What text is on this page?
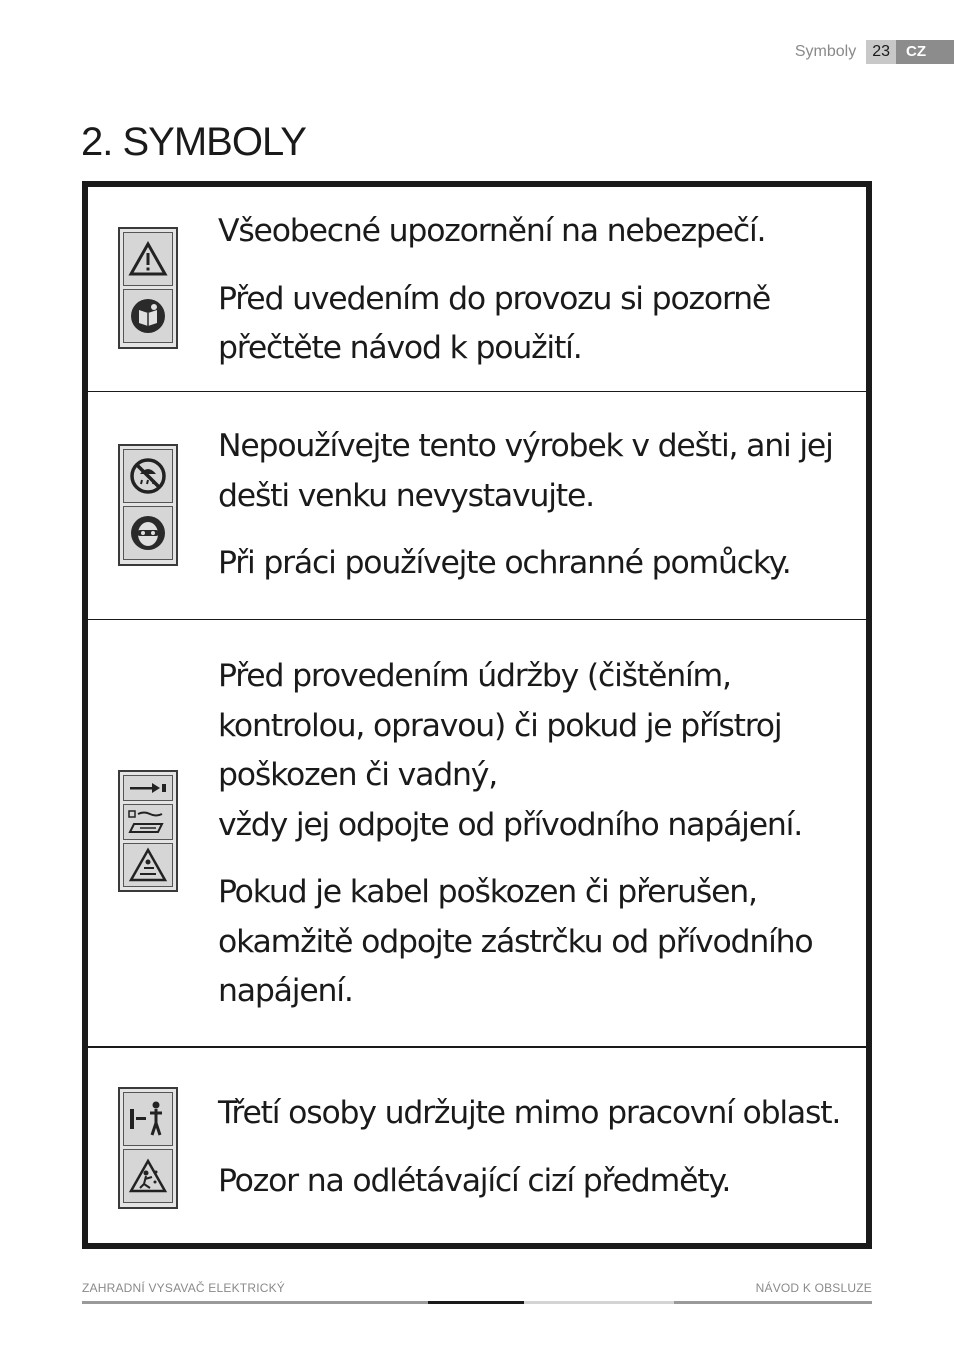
Symboly	23	CZ
2. SYMBOLY

Všeobecné upozornění na nebezpečí.

Před uvedením do provozu si pozorně přečtěte návod k použití.

Nepoužívejte tento výrobek v dešti, ani jej dešti venku nevystavujte.

Při práci používejte ochranné pomůcky.

Před provedením údržby (čištěním, kontrolou, opravou) či pokud je přístroj poškozen či vadný,

vždy jej odpojte od přívodního napájení.

Pokud je kabel poškozen či přerušen, okamžitě odpojte zástrčku od přívodního napájení.

Třetí osoby udržujte mimo pracovní oblast.

Pozor na odlétávající cizí předměty.

ZAHRADNÍ VYSAVAČ ELEKTRICKÝ	NÁVOD K OBSLUZE
